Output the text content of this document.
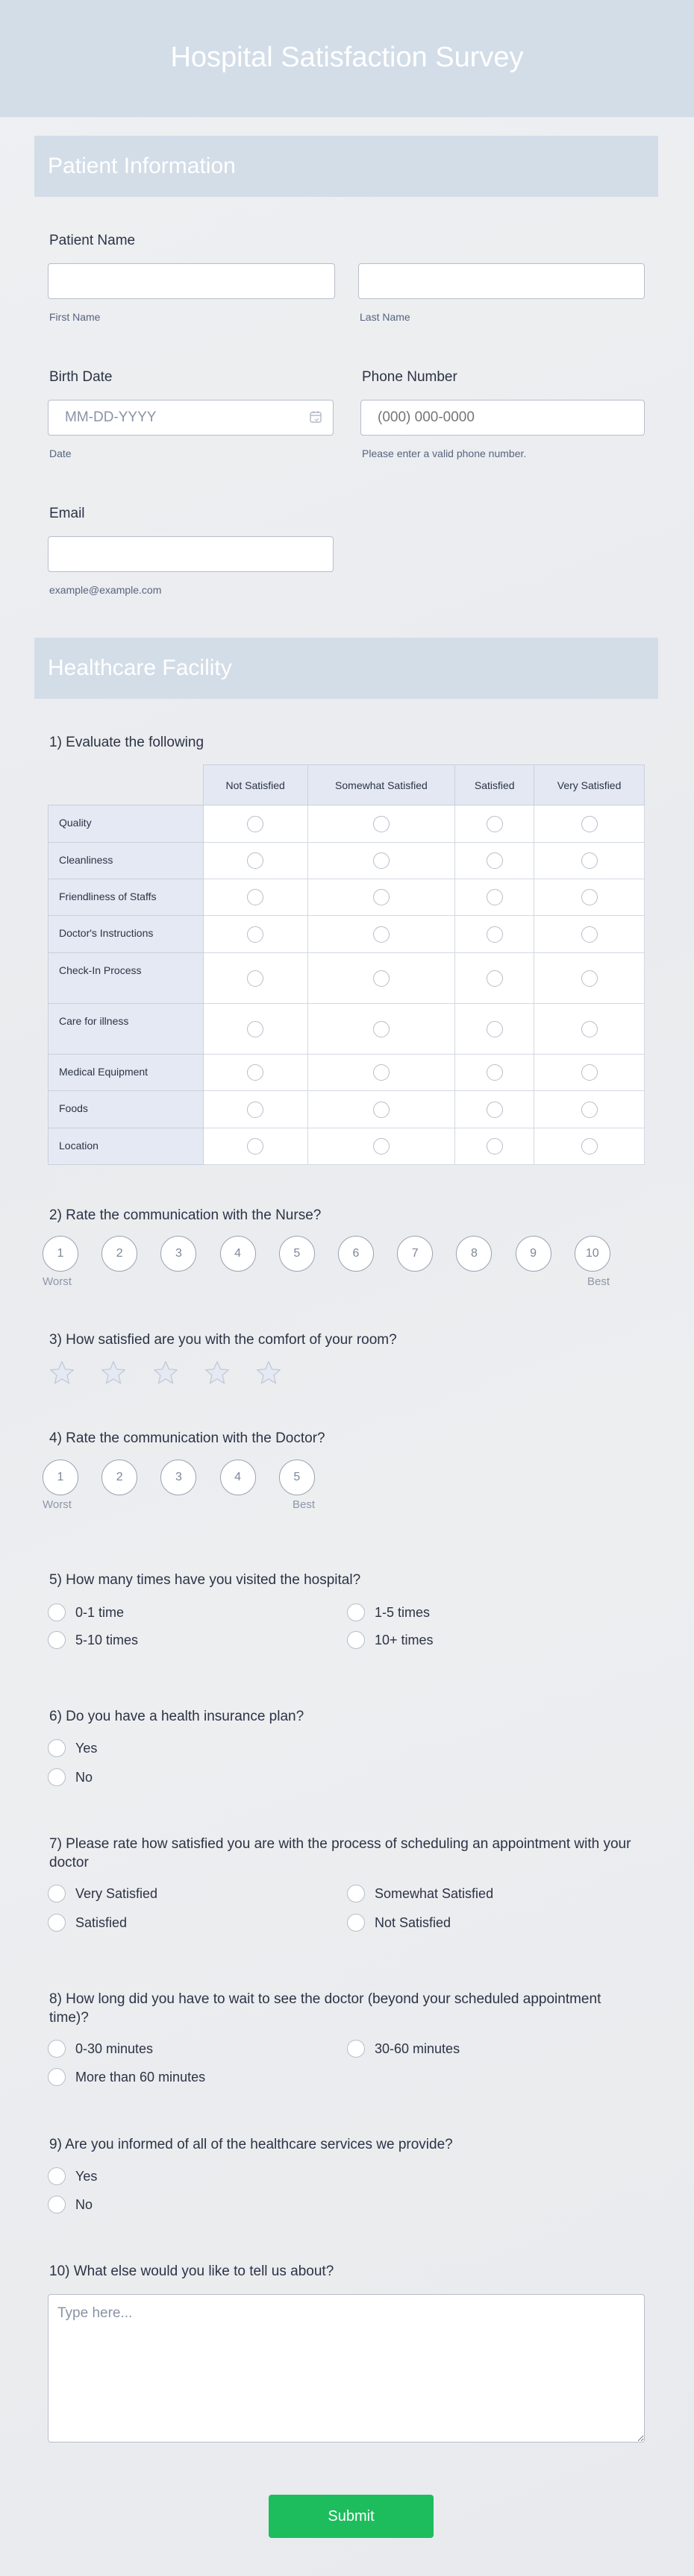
Hospital Satisfaction Survey
Patient Information
Patient Name
First Name	Last Name
Birth Date
MM-DD-YYYY
Date
Phone Number
(000) 000-0000
Please enter a valid phone number.
Email
example@example.com
Healthcare Facility
1) Evaluate the following
	Not Satisfied	Somewhat Satisfied	Satisfied	Very Satisfied
Quality				
Cleanliness				
Friendliness of Staffs				
Doctor's Instructions				
Check-In Process				
Care for illness				
Medical Equipment				
Foods				
Location				
2) Rate the communication with the Nurse?
1	2	3	4	5	6	7	8	9	10
Worst	Best
3) How satisfied are you with the comfort of your room?
4) Rate the communication with the Doctor?
1	2	3	4	5
Worst	Best
5) How many times have you visited the hospital?
6) Do you have a health insurance plan?
7) Please rate how satisfied you are with the process of scheduling an appointment with your doctor
8) How long did you have to wait to see the doctor (beyond your scheduled appointment time)?
9) Are you informed of all of the healthcare services we provide?
0-1 time	1-5 times
5-10 times	10+ times
Yes
No
Very Satisfied	Somewhat Satisfied
Satisfied	Not Satisfied
0-30 minutes	30-60 minutes
More than 60 minutes
Yes
No
10) What else would you like to tell us about?
Type here...
Submit
